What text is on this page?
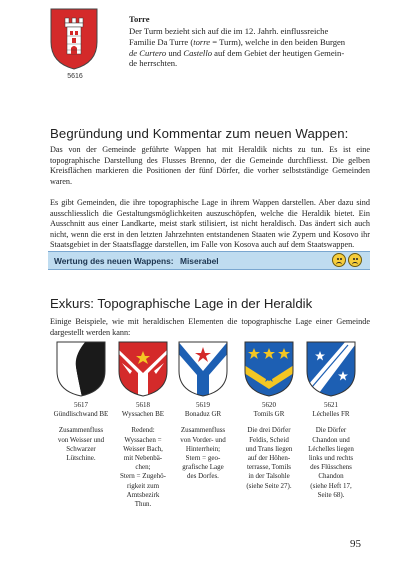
5616
Torre
Der Turm bezieht sich auf die im 12. Jahrh. einflussreiche
Familie Da Turre (torre = Turm), welche in den beiden Burgen
de Curtero und Castello auf dem Gebiet der heutigen Gemein-
de herrschten.
Begründung und Kommentar zum neuen Wappen:
Das von der Gemeinde geführte Wappen hat mit Heraldik nichts zu tun. Es ist eine topographische Darstellung des Flusses Brenno, der die Gemeinde durchfliesst. Die gelben Kreisflächen markieren die Positionen der fünf Dörfer, die vorher selbstständige Gemeinden waren.
Es gibt Gemeinden, die ihre topographische Lage in ihrem Wappen darstellen. Aber dazu sind ausschliesslich die Gestaltungsmöglichkeiten auszuschöpfen, welche die Heraldik bietet. Ein Ausschnitt aus einer Landkarte, meist stark stilisiert, ist nicht heraldisch. Das ändert sich auch nicht, wenn die erst in den letzten Jahrzehnten entstandenen Staaten wie Zypern und Kosovo ihr Staatsgebiet in der Staatsflagge darstellen, im Falle von Kosova auch auf dem Staatswappen.
Wertung des neuen Wappens: Miserabel
Exkurs: Topographische Lage in der Heraldik
Einige Beispiele, wie mit heraldischen Elementen die topographische Lage einer Gemeinde dargestellt werden kann:
5617
Gündlischwand BE
Zusammenfluss
von Weisser und
Schwarzer
Lütschine.
5618
Wyssachen BE
Redend:
Wyssachen =
Weisser Bach,
mit Nebenbä-
chen;
Stern = Zugehö-
rigkeit zum
Amtsbezirk
Thun.
5619
Bonaduz GR
Zusammenfluss
von Vorder- und
Hinterrhein;
Stern = geo-
grafische Lage
des Dorfes.
5620
Tomils GR
Die drei Dörfer
Feldis, Scheid
und Trans liegen
auf der Höhen-
terrasse, Tomils
in der Talsohle
(siehe Seite 27).
5621
Léchelles FR
Die Dörfer
Chandon und
Léchelles liegen
links und rechts
des Flüsschens
Chandon
(siehe Heft 17,
Seite 68).
95
